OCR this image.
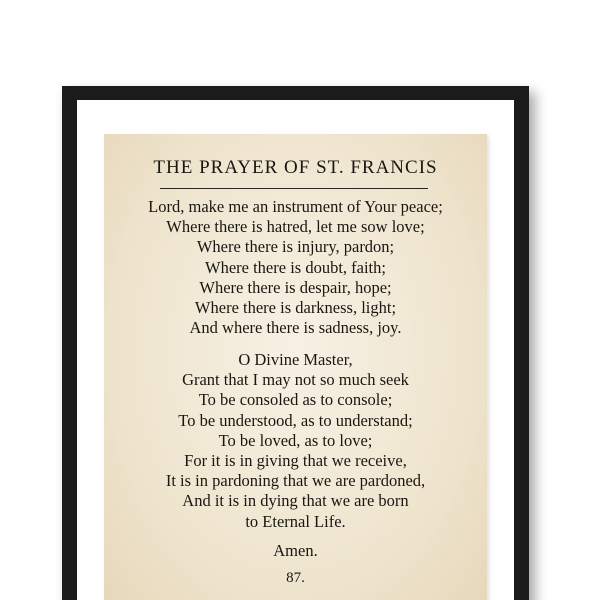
THE PRAYER OF ST. FRANCIS
Lord, make me an instrument of Your peace;
Where there is hatred, let me sow love;
Where there is injury, pardon;
Where there is doubt, faith;
Where there is despair, hope;
Where there is darkness, light;
And where there is sadness, joy.
O Divine Master,
Grant that I may not so much seek
To be consoled as to console;
To be understood, as to understand;
To be loved, as to love;
For it is in giving that we receive,
It is in pardoning that we are pardoned,
And it is in dying that we are born
to Eternal Life.
Amen.
87.
